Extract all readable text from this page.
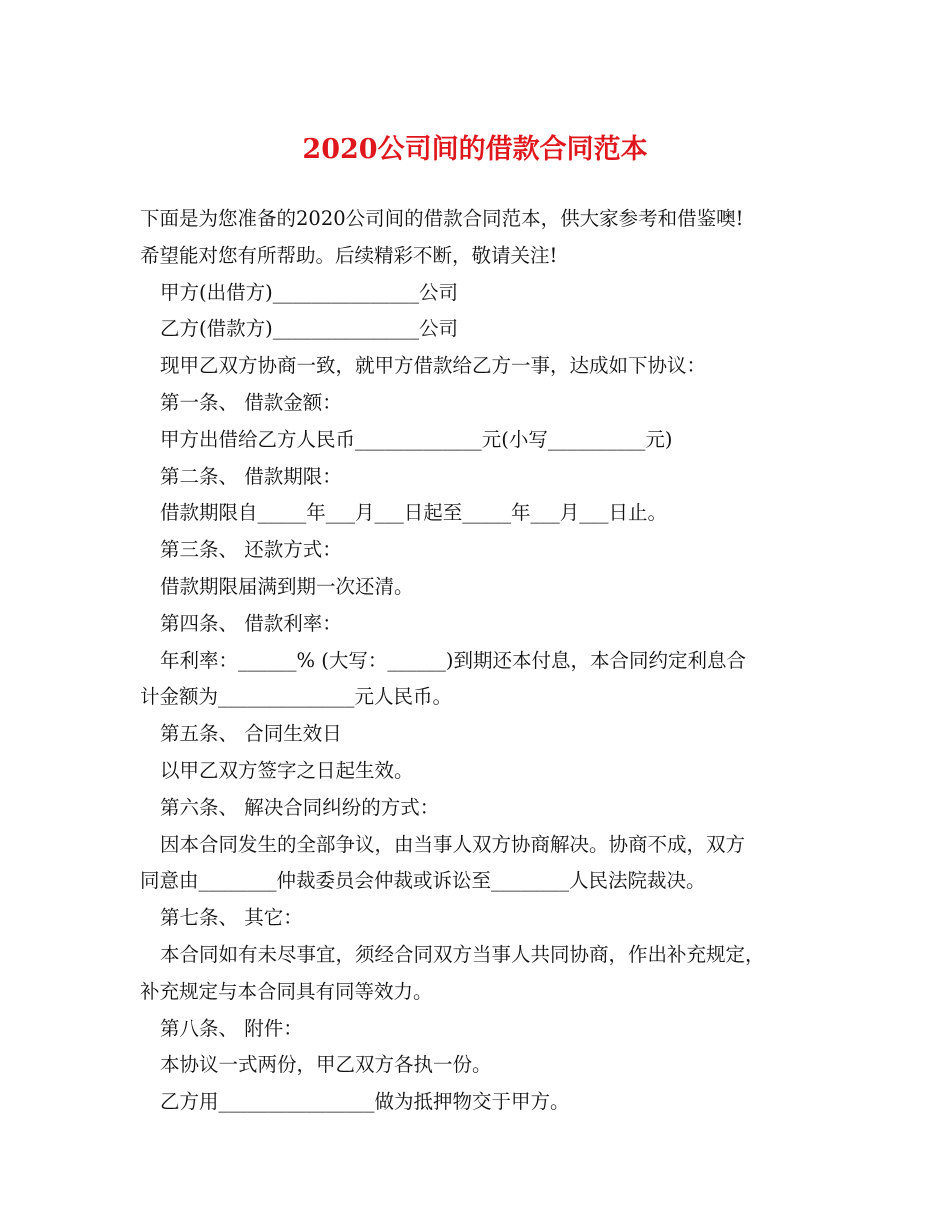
2020公司间的借款合同范本
下面是为您准备的2020公司间的借款合同范本，供大家参考和借鉴噢!
希望能对您有所帮助。后续精彩不断，敬请关注!
甲方(出借方)_______________公司
乙方(借款方)_______________公司
现甲乙双方协商一致，就甲方借款给乙方一事，达成如下协议：
第一条、 借款金额：
甲方出借给乙方人民币_____________元(小写__________元)
第二条、 借款期限：
借款期限自_____年___月___日起至_____年___月___日止。
第三条、 还款方式：
借款期限届满到期一次还清。
第四条、 借款利率：
年利率：______% (大写：______)到期还本付息，本合同约定利息合
计金额为______________元人民币。
第五条、 合同生效日
以甲乙双方签字之日起生效。
第六条、 解决合同纠纷的方式：
因本合同发生的全部争议，由当事人双方协商解决。协商不成，双方
同意由________仲裁委员会仲裁或诉讼至________人民法院裁决。
第七条、 其它：
本合同如有未尽事宜，须经合同双方当事人共同协商，作出补充规定，
补充规定与本合同具有同等效力。
第八条、 附件：
本协议一式两份，甲乙双方各执一份。
乙方用________________做为抵押物交于甲方。
